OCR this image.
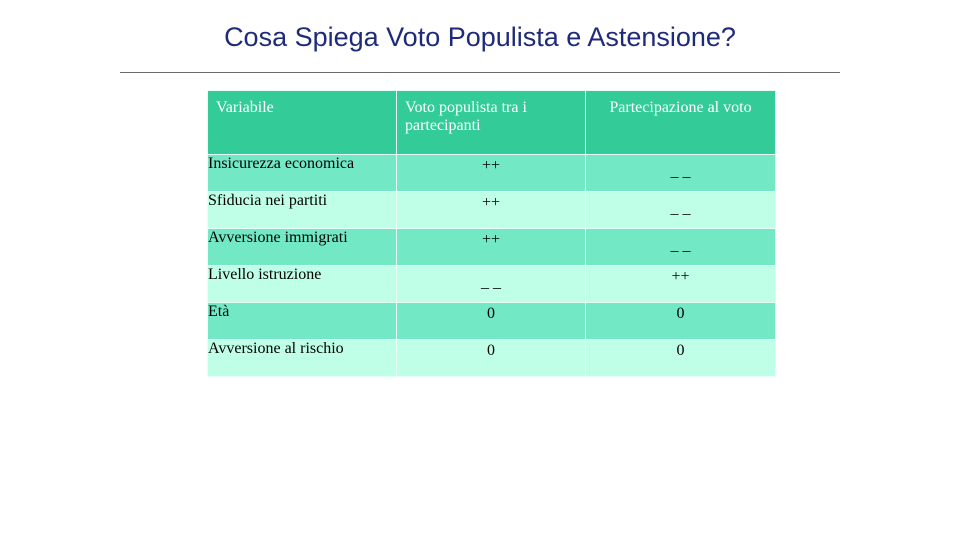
Cosa Spiega Voto Populista e Astensione?
Variabile	Voto populista tra i partecipanti	Partecipazione al voto
Insicurezza economica	++	_ _
Sfiducia nei partiti	++	_ _
Avversione immigrati	++	_ _
Livello istruzione	_ _	++
Età	0	0
Avversione al rischio	0	0
